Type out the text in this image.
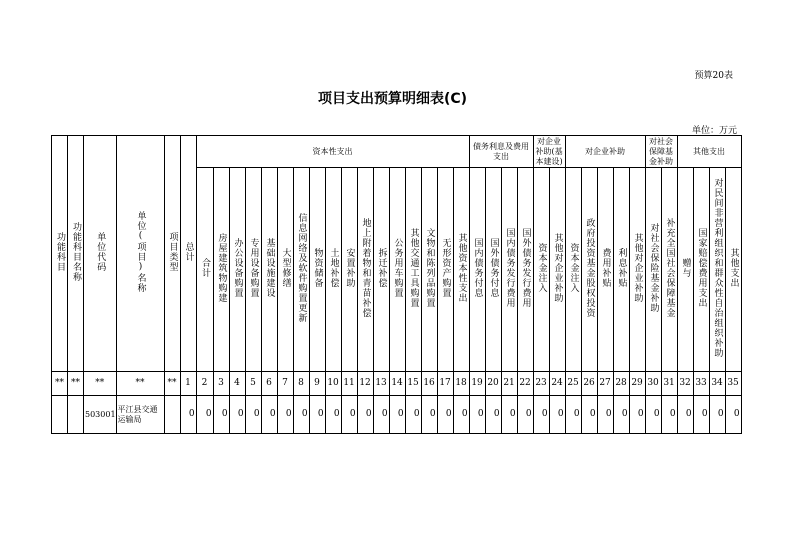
预算20表
项目支出预算明细表(C)
单位：万元
功能科目	功能科目名称	单位代码	单位(项目)名称	项目类型	总计	资本性支出																	债务利息及费用支出				对企业补助(基本建设)		对企业补助					对社会保障基金补助		其他支出			
						合计	房屋建筑物购建	办公设备购置	专用设备购置	基础设施建设	大型修缮	信息网络及软件购置更新	物资储备	土地补偿	安置补助	地上附着物和青苗补偿	拆迁补偿	公务用车购置	其他交通工具购置	文物和陈列品购置	无形资产购置	其他资本性支出	国内债务付息	国外债务付息	国内债务发行费用	国外债务发行费用	资本金注入	其他对企业补助	资本金注入	政府投资基金股权投资	费用补贴	利息补贴	其他对企业补助	对社会保险基金补助	补充全国社会保障基金	赠与	国家赔偿费用支出	对民间非营利组织和群众性自治组织补助	其他支出
**	**	**	**	**	1	2	3	4	5	6	7	8	9	10	11	12	13	14	15	16	17	18	19	20	21	22	23	24	25	26	27	28	29	30	31	32	33	34	35
		503001	平江县交通运输局		0	0	0	0	0	0	0	0	0	0	0	0	0	0	0	0	0	0	0	0	0	0	0	0	0	0	0	0	0	0	0	0	0	0	0
